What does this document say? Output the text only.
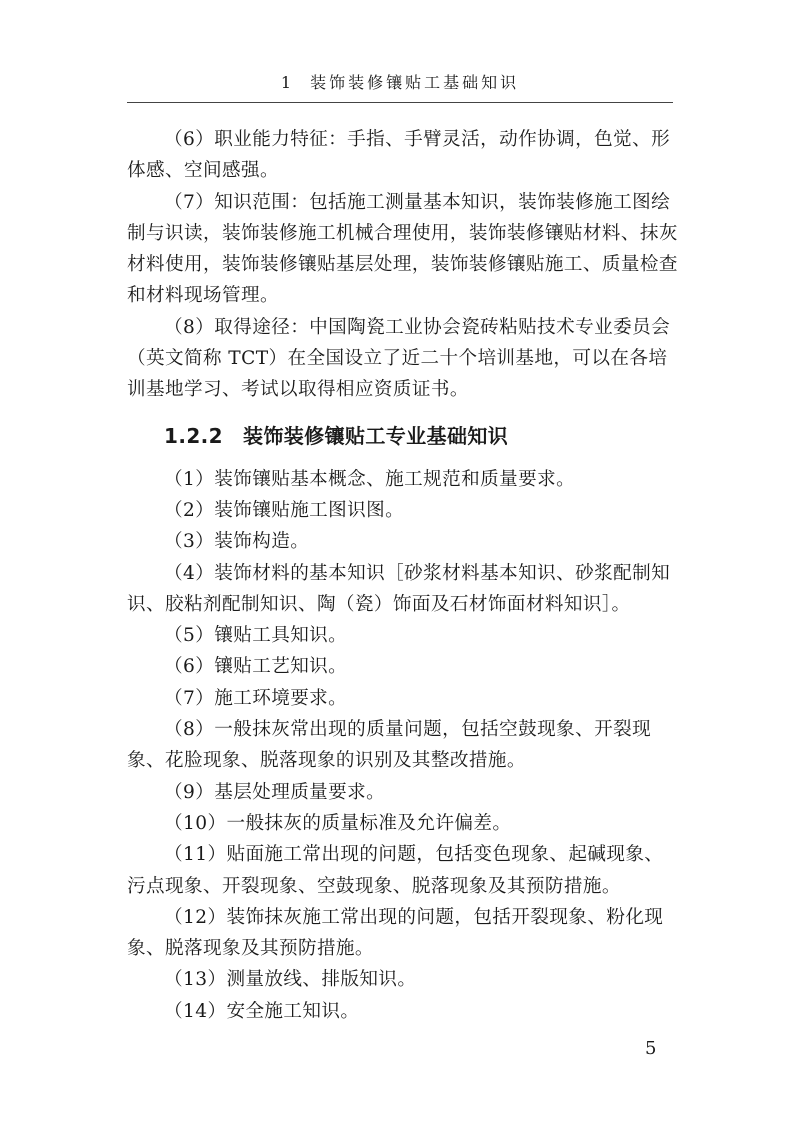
1 装饰装修镶贴工基础知识

（6）职业能力特征：手指、手臂灵活，动作协调，色觉、形体感、空间感强。

（7）知识范围：包括施工测量基本知识，装饰装修施工图绘制与识读，装饰装修施工机械合理使用，装饰装修镶贴材料、抹灰材料使用，装饰装修镶贴基层处理，装饰装修镶贴施工、质量检查和材料现场管理。

（8）取得途径：中国陶瓷工业协会瓷砖粘贴技术专业委员会（英文简称 TCT）在全国设立了近二十个培训基地，可以在各培训基地学习、考试以取得相应资质证书。

1.2.2 装饰装修镶贴工专业基础知识

（1）装饰镶贴基本概念、施工规范和质量要求。

（2）装饰镶贴施工图识图。

（3）装饰构造。

（4）装饰材料的基本知识［砂浆材料基本知识、砂浆配制知识、胶粘剂配制知识、陶（瓷）饰面及石材饰面材料知识］。

（5）镶贴工具知识。

（6）镶贴工艺知识。

（7）施工环境要求。

（8）一般抹灰常出现的质量问题，包括空鼓现象、开裂现象、花脸现象、脱落现象的识别及其整改措施。

（9）基层处理质量要求。

（10）一般抹灰的质量标准及允许偏差。

（11）贴面施工常出现的问题，包括变色现象、起碱现象、污点现象、开裂现象、空鼓现象、脱落现象及其预防措施。

（12）装饰抹灰施工常出现的问题，包括开裂现象、粉化现象、脱落现象及其预防措施。

（13）测量放线、排版知识。

（14）安全施工知识。

5
